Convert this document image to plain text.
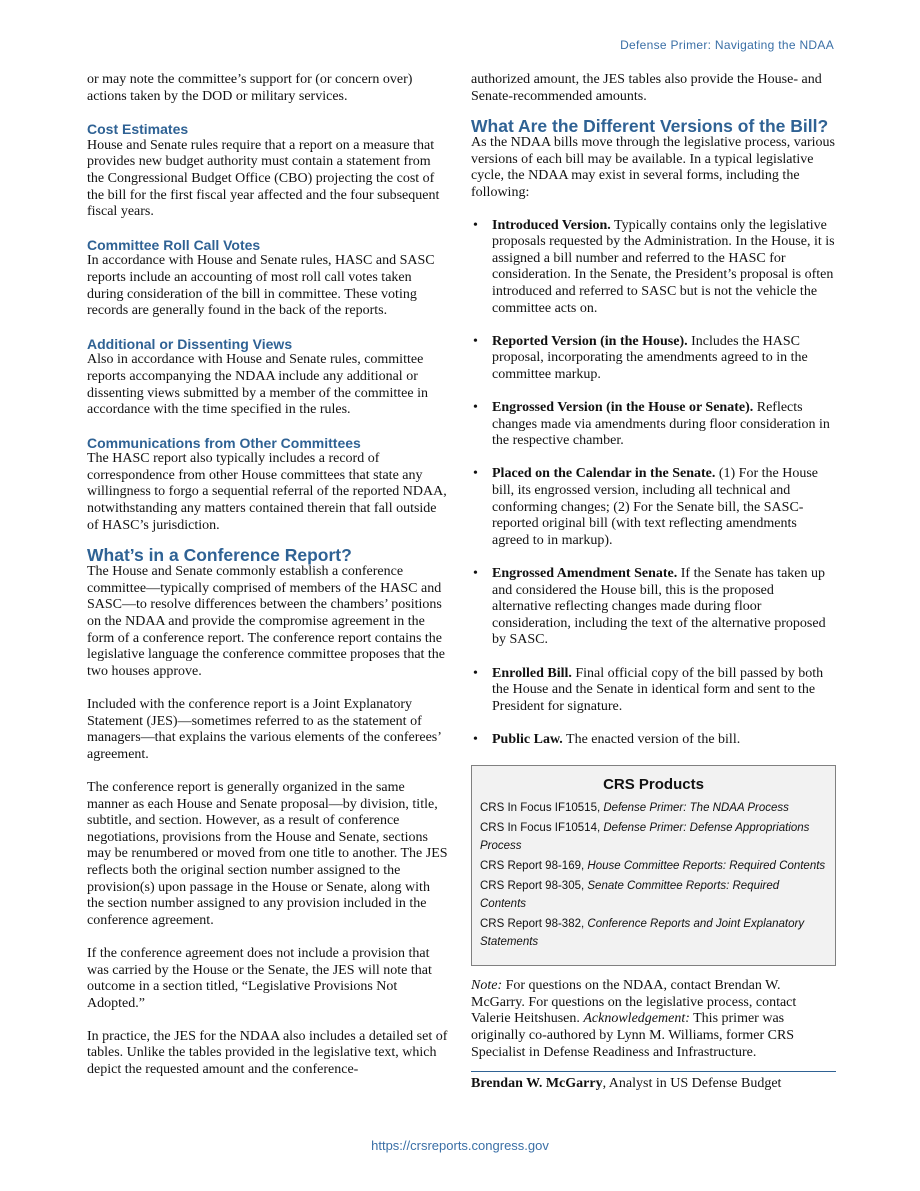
Defense Primer: Navigating the NDAA

or may note the committee’s support for (or concern over) actions taken by the DOD or military services.

Cost Estimates

House and Senate rules require that a report on a measure that provides new budget authority must contain a statement from the Congressional Budget Office (CBO) projecting the cost of the bill for the first fiscal year affected and the four subsequent fiscal years.

Committee Roll Call Votes

In accordance with House and Senate rules, HASC and SASC reports include an accounting of most roll call votes taken during consideration of the bill in committee. These voting records are generally found in the back of the reports.

Additional or Dissenting Views

Also in accordance with House and Senate rules, committee reports accompanying the NDAA include any additional or dissenting views submitted by a member of the committee in accordance with the time specified in the rules.

Communications from Other Committees

The HASC report also typically includes a record of correspondence from other House committees that state any willingness to forgo a sequential referral of the reported NDAA, notwithstanding any matters contained therein that fall outside of HASC’s jurisdiction.

What’s in a Conference Report?

The House and Senate commonly establish a conference committee—typically comprised of members of the HASC and SASC—to resolve differences between the chambers’ positions on the NDAA and provide the compromise agreement in the form of a conference report. The conference report contains the legislative language the conference committee proposes that the two houses approve.

Included with the conference report is a Joint Explanatory Statement (JES)—sometimes referred to as the statement of managers—that explains the various elements of the conferees’ agreement.

The conference report is generally organized in the same manner as each House and Senate proposal—by division, title, subtitle, and section. However, as a result of conference negotiations, provisions from the House and Senate, sections may be renumbered or moved from one title to another. The JES reflects both the original section number assigned to the provision(s) upon passage in the House or Senate, along with the section number assigned to any provision included in the conference agreement.

If the conference agreement does not include a provision that was carried by the House or the Senate, the JES will note that outcome in a section titled, “Legislative Provisions Not Adopted.”

In practice, the JES for the NDAA also includes a detailed set of tables. Unlike the tables provided in the legislative text, which depict the requested amount and the conference-

authorized amount, the JES tables also provide the House- and Senate-recommended amounts.

What Are the Different Versions of the Bill?

As the NDAA bills move through the legislative process, various versions of each bill may be available. In a typical legislative cycle, the NDAA may exist in several forms, including the following:

• Introduced Version. Typically contains only the legislative proposals requested by the Administration. In the House, it is assigned a bill number and referred to the HASC for consideration. In the Senate, the President’s proposal is often introduced and referred to SASC but is not the vehicle the committee acts on.
• Reported Version (in the House). Includes the HASC proposal, incorporating the amendments agreed to in the committee markup.
• Engrossed Version (in the House or Senate). Reflects changes made via amendments during floor consideration in the respective chamber.
• Placed on the Calendar in the Senate. (1) For the House bill, its engrossed version, including all technical and conforming changes; (2) For the Senate bill, the SASC-reported original bill (with text reflecting amendments agreed to in markup).
• Engrossed Amendment Senate. If the Senate has taken up and considered the House bill, this is the proposed alternative reflecting changes made during floor consideration, including the text of the alternative proposed by SASC.
• Enrolled Bill. Final official copy of the bill passed by both the House and the Senate in identical form and sent to the President for signature.
• Public Law. The enacted version of the bill.
CRS Products
CRS In Focus IF10515, Defense Primer: The NDAA Process
CRS In Focus IF10514, Defense Primer: Defense Appropriations Process
CRS Report 98-169, House Committee Reports: Required Contents
CRS Report 98-305, Senate Committee Reports: Required Contents
CRS Report 98-382, Conference Reports and Joint Explanatory Statements

Note: For questions on the NDAA, contact Brendan W. McGarry. For questions on the legislative process, contact Valerie Heitshusen. Acknowledgement: This primer was originally co-authored by Lynn M. Williams, former CRS Specialist in Defense Readiness and Infrastructure.

Brendan W. McGarry, Analyst in US Defense Budget

https://crsreports.congress.gov
